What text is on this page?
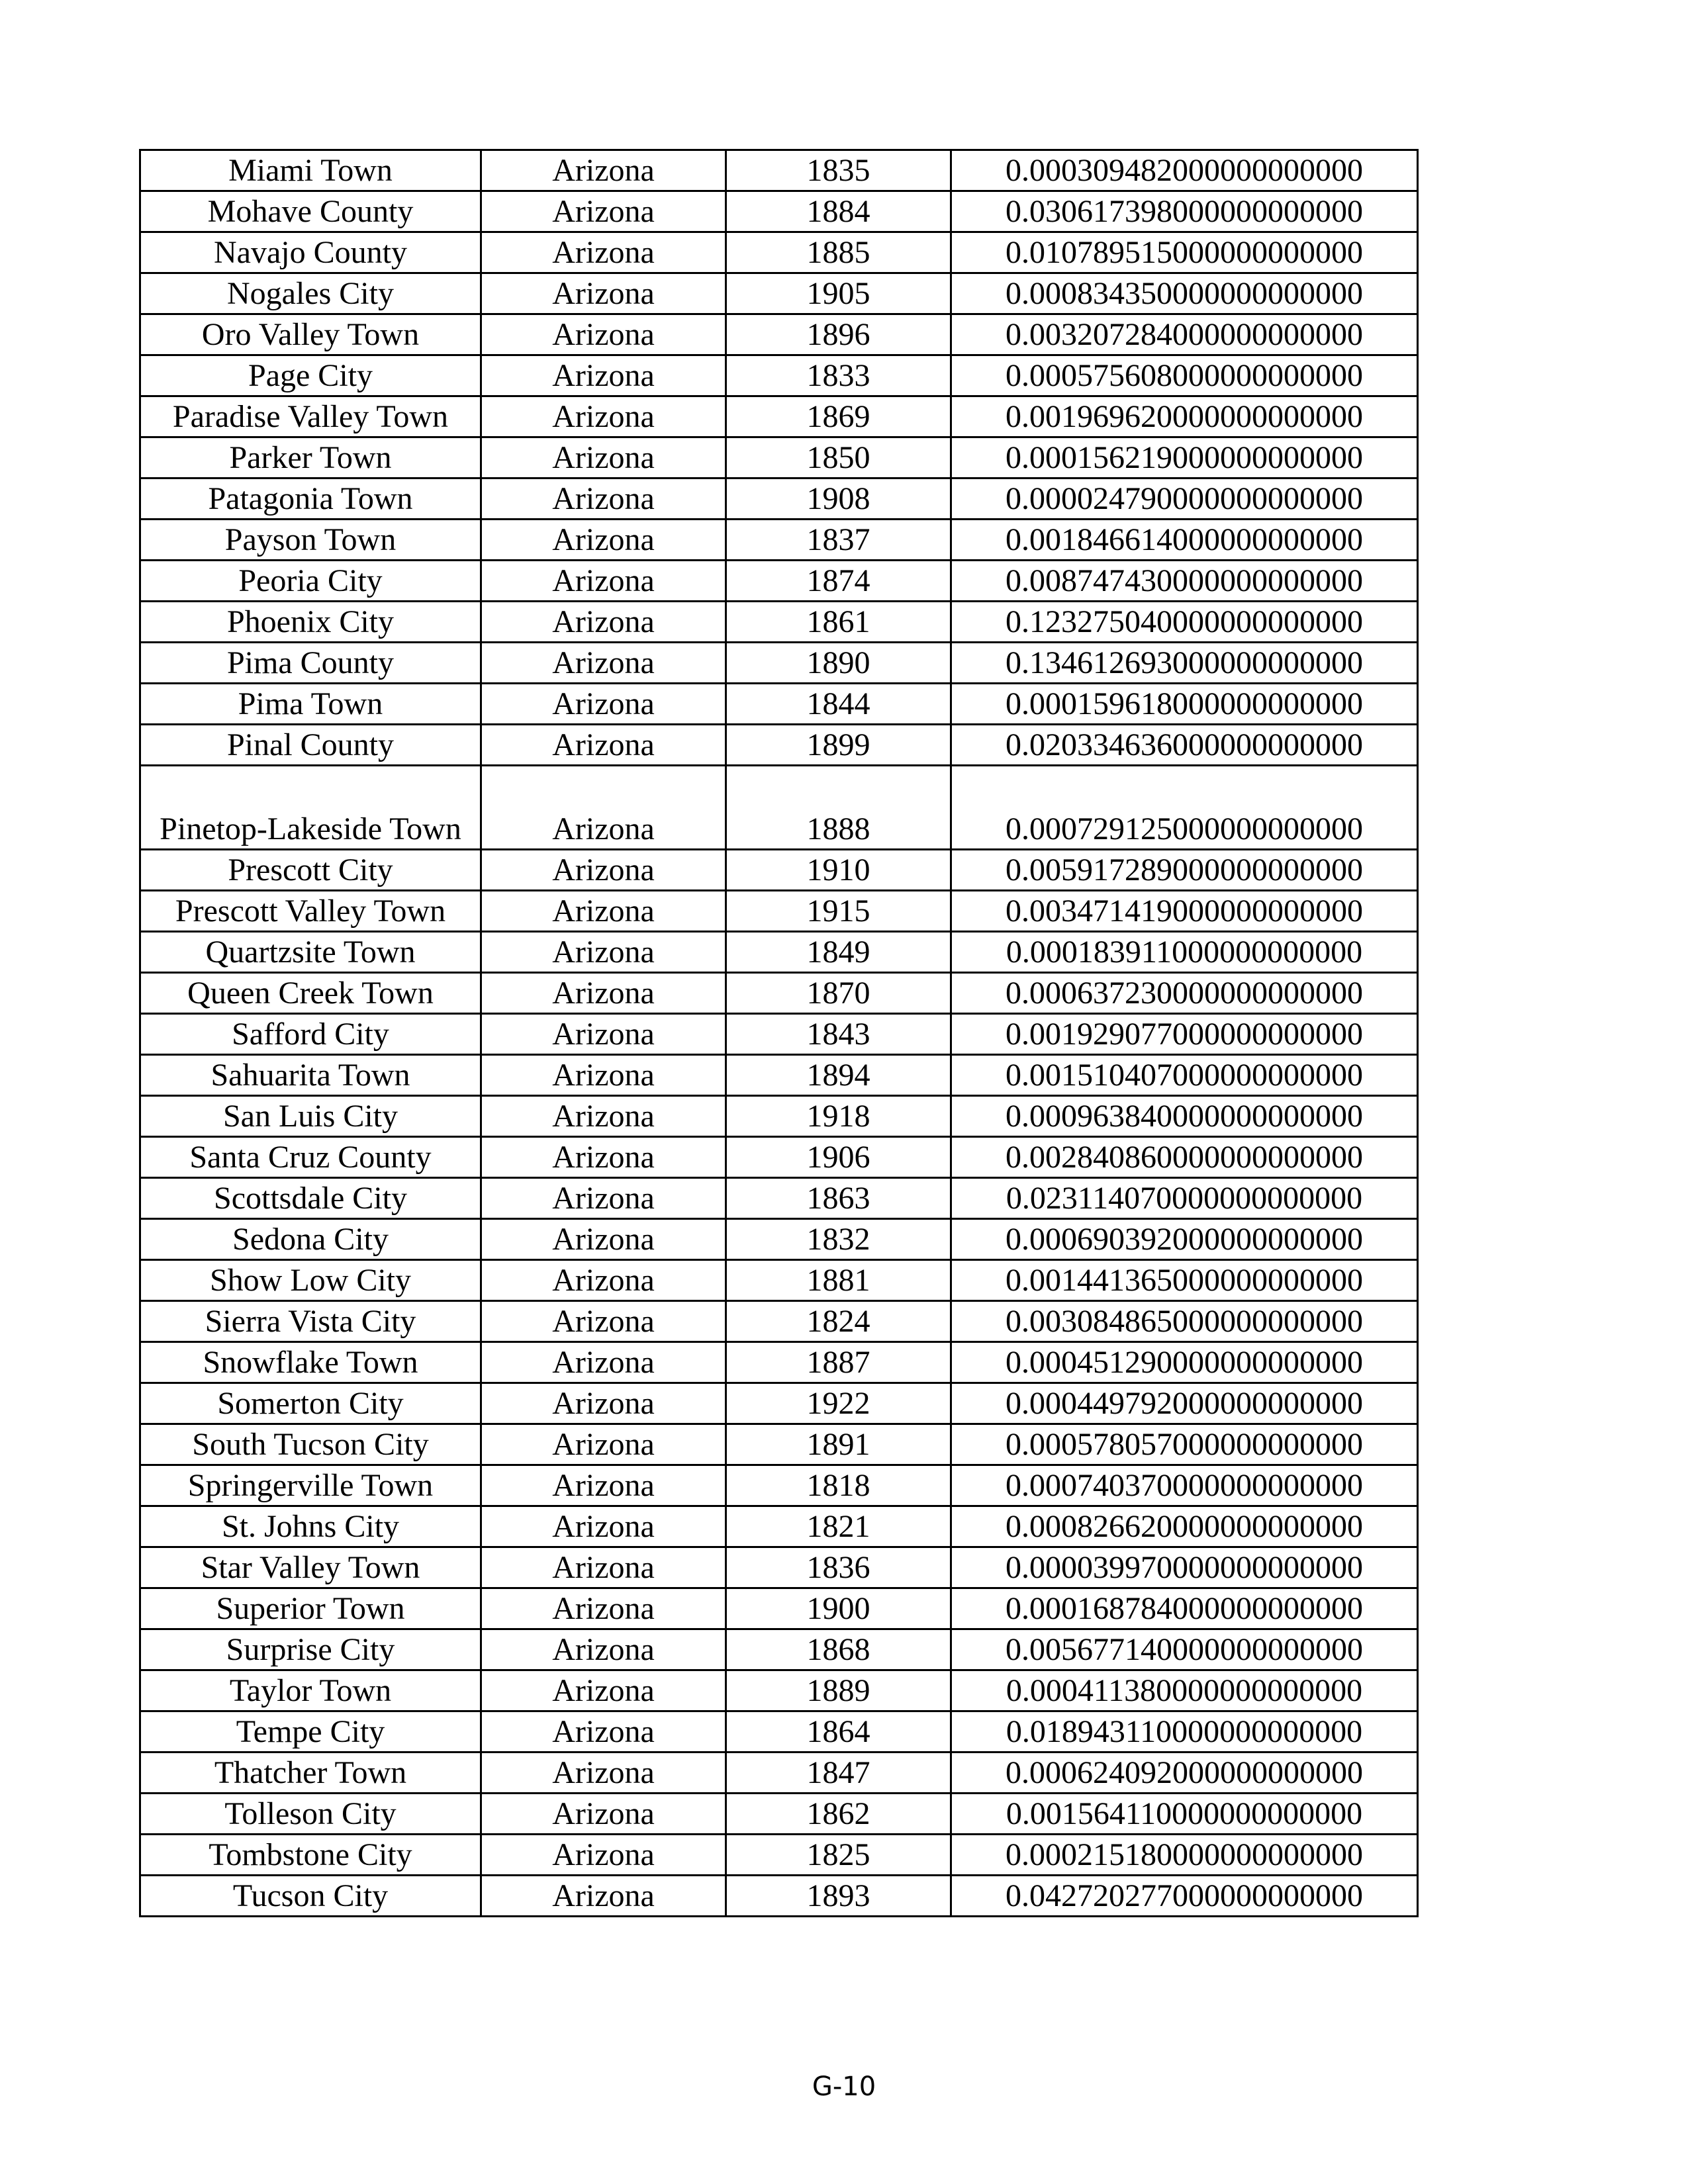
Miami Town	Arizona	1835	0.000309482000000000000
Mohave County	Arizona	1884	0.030617398000000000000
Navajo County	Arizona	1885	0.010789515000000000000
Nogales City	Arizona	1905	0.000834350000000000000
Oro Valley Town	Arizona	1896	0.003207284000000000000
Page City	Arizona	1833	0.000575608000000000000
Paradise Valley Town	Arizona	1869	0.001969620000000000000
Parker Town	Arizona	1850	0.000156219000000000000
Patagonia Town	Arizona	1908	0.000024790000000000000
Payson Town	Arizona	1837	0.001846614000000000000
Peoria City	Arizona	1874	0.008747430000000000000
Phoenix City	Arizona	1861	0.123275040000000000000
Pima County	Arizona	1890	0.134612693000000000000
Pima Town	Arizona	1844	0.000159618000000000000
Pinal County	Arizona	1899	0.020334636000000000000
Pinetop-Lakeside Town	Arizona	1888	0.000729125000000000000
Prescott City	Arizona	1910	0.005917289000000000000
Prescott Valley Town	Arizona	1915	0.003471419000000000000
Quartzsite Town	Arizona	1849	0.000183911000000000000
Queen Creek Town	Arizona	1870	0.000637230000000000000
Safford City	Arizona	1843	0.001929077000000000000
Sahuarita Town	Arizona	1894	0.001510407000000000000
San Luis City	Arizona	1918	0.000963840000000000000
Santa Cruz County	Arizona	1906	0.002840860000000000000
Scottsdale City	Arizona	1863	0.023114070000000000000
Sedona City	Arizona	1832	0.000690392000000000000
Show Low City	Arizona	1881	0.001441365000000000000
Sierra Vista City	Arizona	1824	0.003084865000000000000
Snowflake Town	Arizona	1887	0.000451290000000000000
Somerton City	Arizona	1922	0.000449792000000000000
South Tucson City	Arizona	1891	0.000578057000000000000
Springerville Town	Arizona	1818	0.000740370000000000000
St. Johns City	Arizona	1821	0.000826620000000000000
Star Valley Town	Arizona	1836	0.000039970000000000000
Superior Town	Arizona	1900	0.000168784000000000000
Surprise City	Arizona	1868	0.005677140000000000000
Taylor Town	Arizona	1889	0.000411380000000000000
Tempe City	Arizona	1864	0.018943110000000000000
Thatcher Town	Arizona	1847	0.000624092000000000000
Tolleson City	Arizona	1862	0.001564110000000000000
Tombstone City	Arizona	1825	0.000215180000000000000
Tucson City	Arizona	1893	0.042720277000000000000
G-10
